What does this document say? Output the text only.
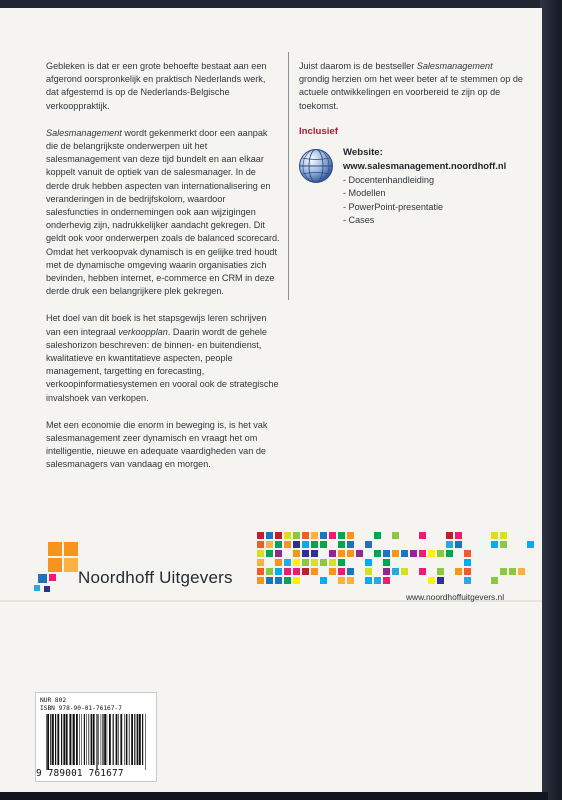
Gebleken is dat er een grote behoefte bestaat aan een afgerond oorspronkelijk en praktisch Nederlands werk, dat afgestemd is op de Nederlands-Belgische verkooppraktijk.

Salesmanagement wordt gekenmerkt door een aanpak die de belangrijkste onderwerpen uit het salesmanagement van deze tijd bundelt en aan elkaar koppelt vanuit de optiek van de salesmanager. In de derde druk hebben aspecten van internationalisering en veranderingen in de bedrijfskolom, waardoor salesfuncties in ondernemingen ook aan wijzigingen onderhevig zijn, nadrukkelijker aandacht gekregen. Dit geldt ook voor onderwerpen zoals de balanced scorecard. Omdat het verkoopvak dynamisch is en gelijke tred houdt met de dynamische omgeving waarin organisaties zich bevinden, hebben internet, e-commerce en CRM in deze derde druk een belangrijkere plek gekregen.

Het doel van dit boek is het stapsgewijs leren schrijven van een integraal verkoopplan. Daarin wordt de gehele saleshorizon beschreven: de binnen- en buitendienst, kwalitatieve en kwantitatieve aspecten, people management, targetting en forecasting, verkoopinformatiesystemen en vooral ook de strategische invalshoek van verkopen.

Met een economie die enorm in beweging is, is het vak salesmanagement zeer dynamisch en vraagt het om intelligentie, nieuwe en adequate vaardigheden van de salesmanagers van vandaag en morgen.

Juist daarom is de bestseller Salesmanagement grondig herzien om het weer beter af te stemmen op de actuele ontwikkelingen en voorbereid te zijn op de toekomst.

Inclusief
Website:
www.salesmanagement.noordhoff.nl
- Docentenhandleiding
- Modellen
- PowerPoint-presentatie
- Cases
Noordhoff Uitgevers
www.noordhoffuitgevers.nl
NUR 802
ISBN 978-90-01-76167-7
9 789001 761677
